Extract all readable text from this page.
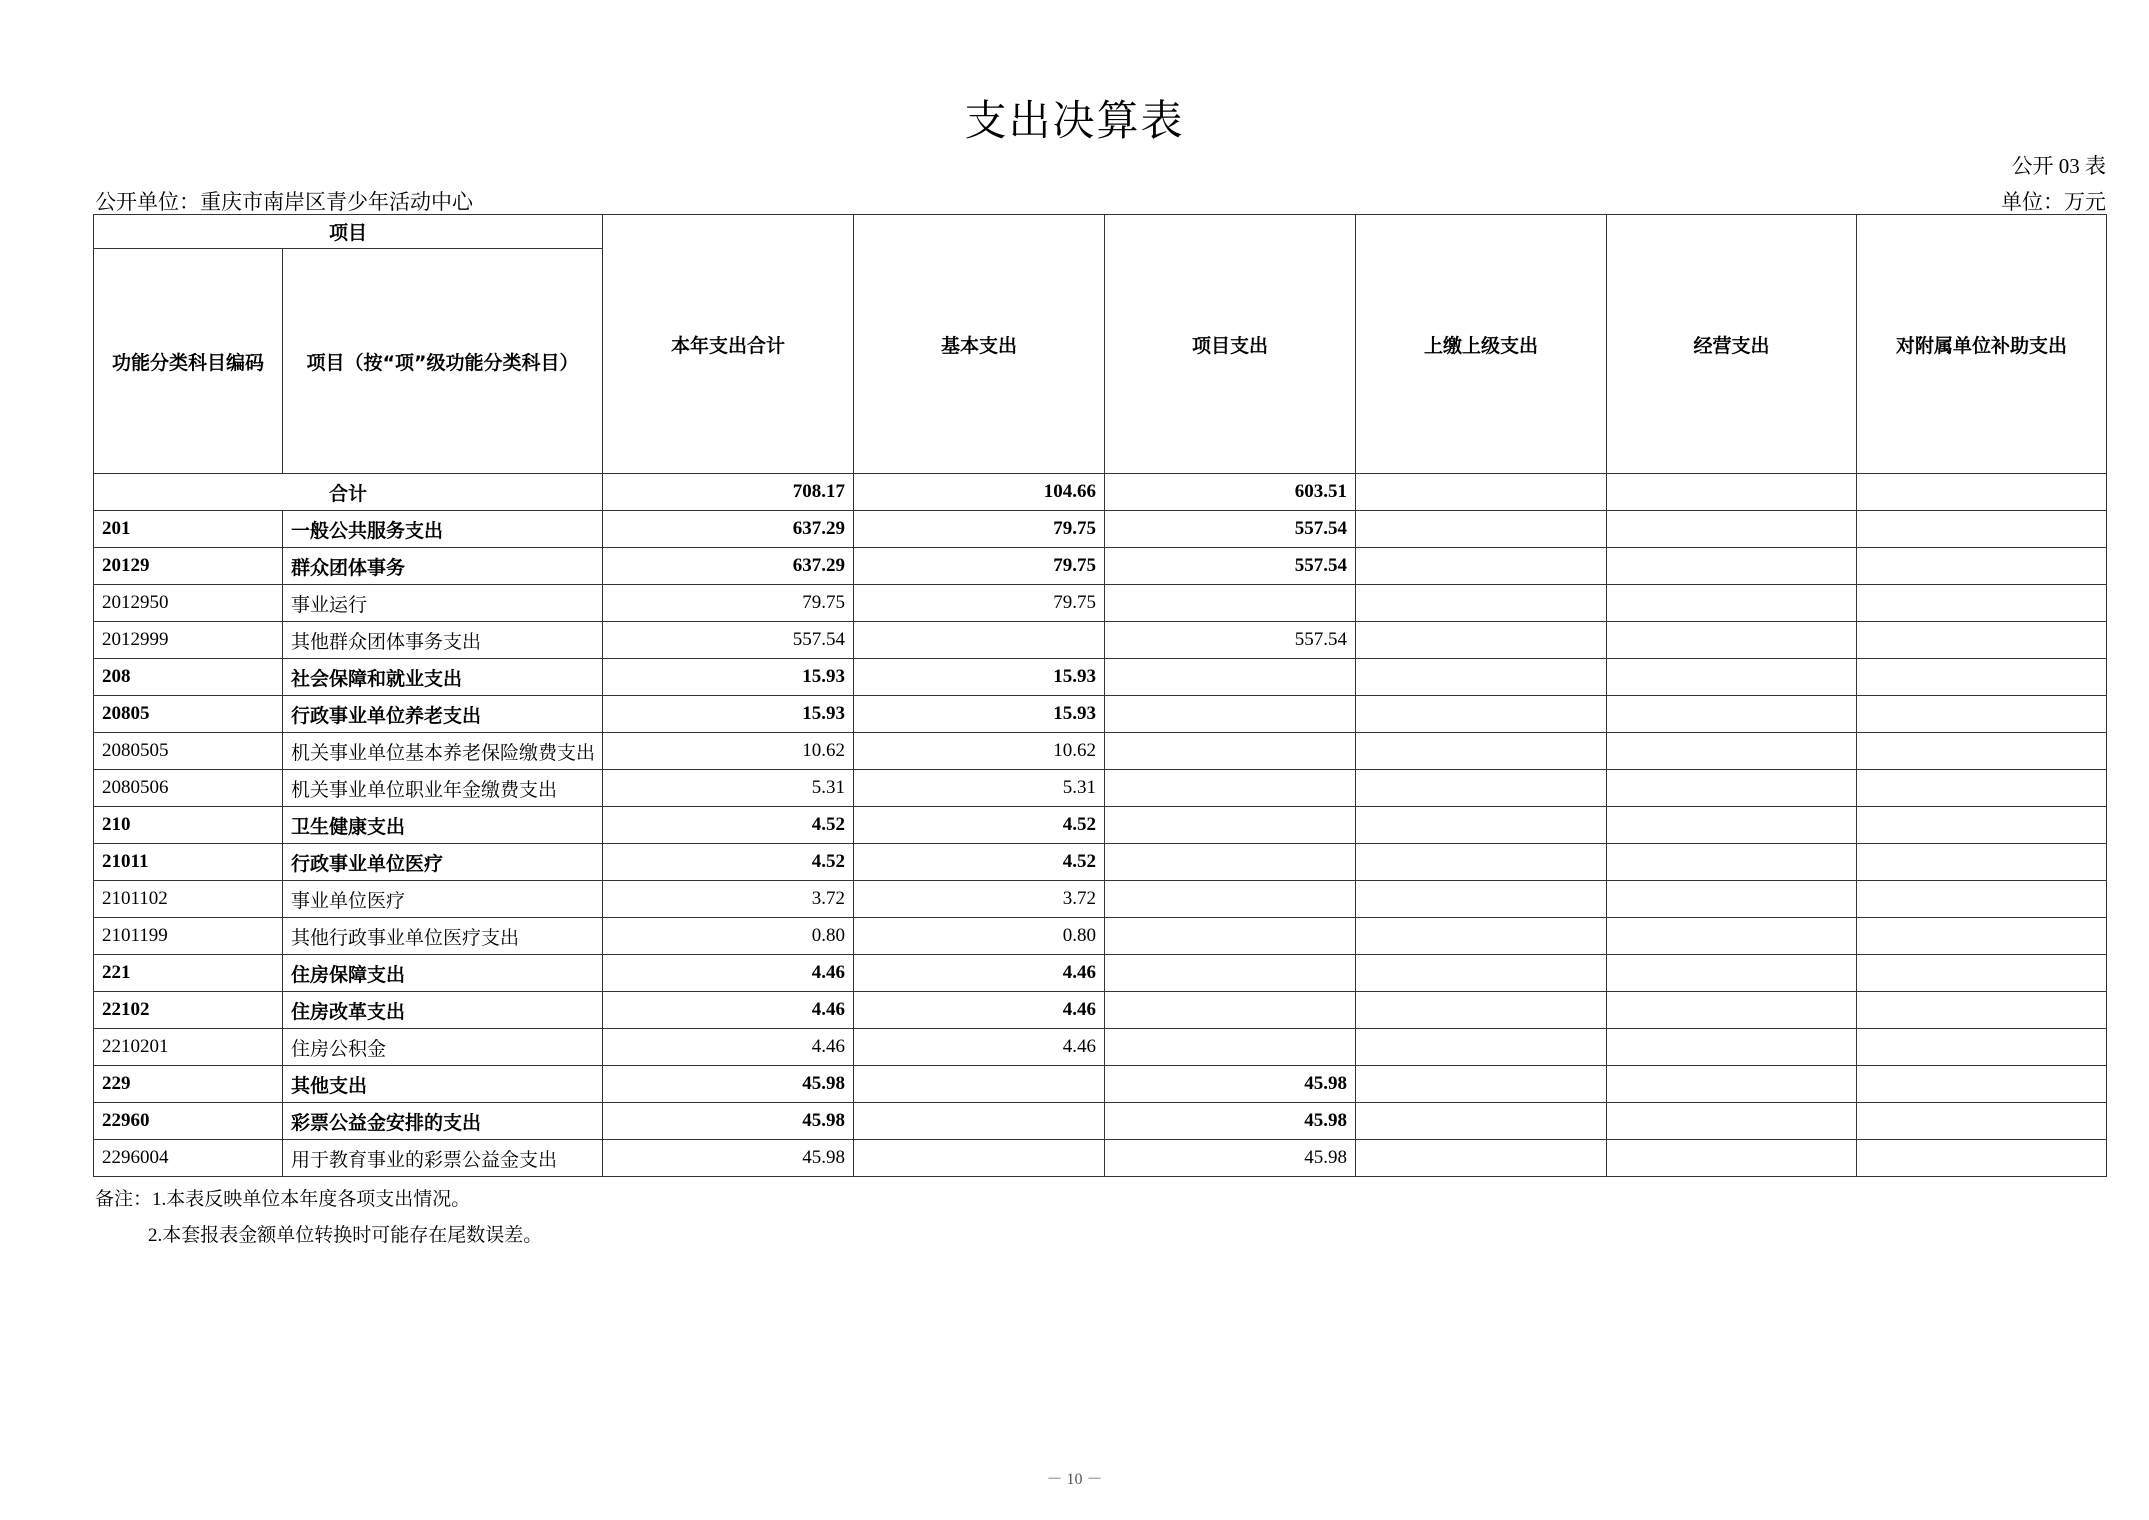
支出决算表
公开 03 表
公开单位：重庆市南岸区青少年活动中心	单位：万元
项目		本年支出合计	基本支出	项目支出	上缴上级支出	经营支出	对附属单位补助支出
功能分类科目编码	项目（按“项”级功能分类科目）						
合计		708.17	104.66	603.51			
201	一般公共服务支出	637.29	79.75	557.54			
20129	群众团体事务	637.29	79.75	557.54			
2012950	事业运行	79.75	79.75				
2012999	其他群众团体事务支出	557.54		557.54			
208	社会保障和就业支出	15.93	15.93				
20805	行政事业单位养老支出	15.93	15.93				
2080505	机关事业单位基本养老保险缴费支出	10.62	10.62				
2080506	机关事业单位职业年金缴费支出	5.31	5.31				
210	卫生健康支出	4.52	4.52				
21011	行政事业单位医疗	4.52	4.52				
2101102	事业单位医疗	3.72	3.72				
2101199	其他行政事业单位医疗支出	0.80	0.80				
221	住房保障支出	4.46	4.46				
22102	住房改革支出	4.46	4.46				
2210201	住房公积金	4.46	4.46				
229	其他支出	45.98		45.98			
22960	彩票公益金安排的支出	45.98		45.98			
2296004	用于教育事业的彩票公益金支出	45.98		45.98			
备注：1.本表反映单位本年度各项支出情况。
2.本套报表金额单位转换时可能存在尾数误差。
－ 10 －
